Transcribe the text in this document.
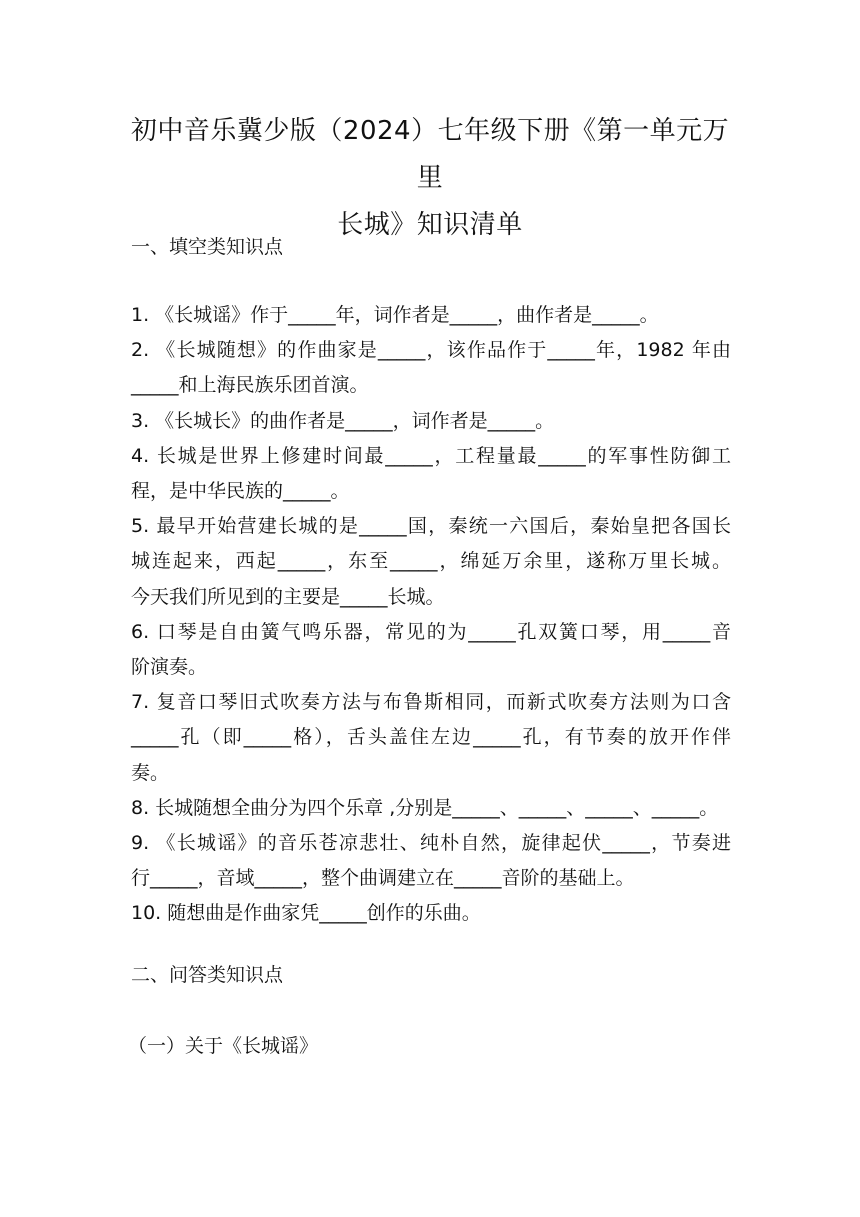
初中音乐冀少版（2024）七年级下册《第一单元万里
长城》知识清单
一、填空类知识点
1. 《长城谣》作于_____年，词作者是_____，曲作者是_____。
2. 《长城随想》的作曲家是_____，该作品作于_____年，1982 年由
_____和上海民族乐团首演。
3. 《长城长》的曲作者是_____，词作者是_____。
4. 长城是世界上修建时间最_____，工程量最_____的军事性防御工
程，是中华民族的_____。
5. 最早开始营建长城的是_____国，秦统一六国后，秦始皇把各国长
城连起来，西起_____，东至_____，绵延万余里，遂称万里长城。
今天我们所见到的主要是_____长城。
6. 口琴是自由簧气鸣乐器，常见的为_____孔双簧口琴，用_____音
阶演奏。
7. 复音口琴旧式吹奏方法与布鲁斯相同，而新式吹奏方法则为口含
_____孔（即_____格），舌头盖住左边_____孔，有节奏的放开作伴
奏。
8. 长城随想全曲分为四个乐章 ,分别是_____、_____、_____、_____。
9. 《长城谣》的音乐苍凉悲壮、纯朴自然，旋律起伏_____，节奏进
行_____，音域_____，整个曲调建立在_____音阶的基础上。
10. 随想曲是作曲家凭_____创作的乐曲。
二、问答类知识点
（一）关于《长城谣》
